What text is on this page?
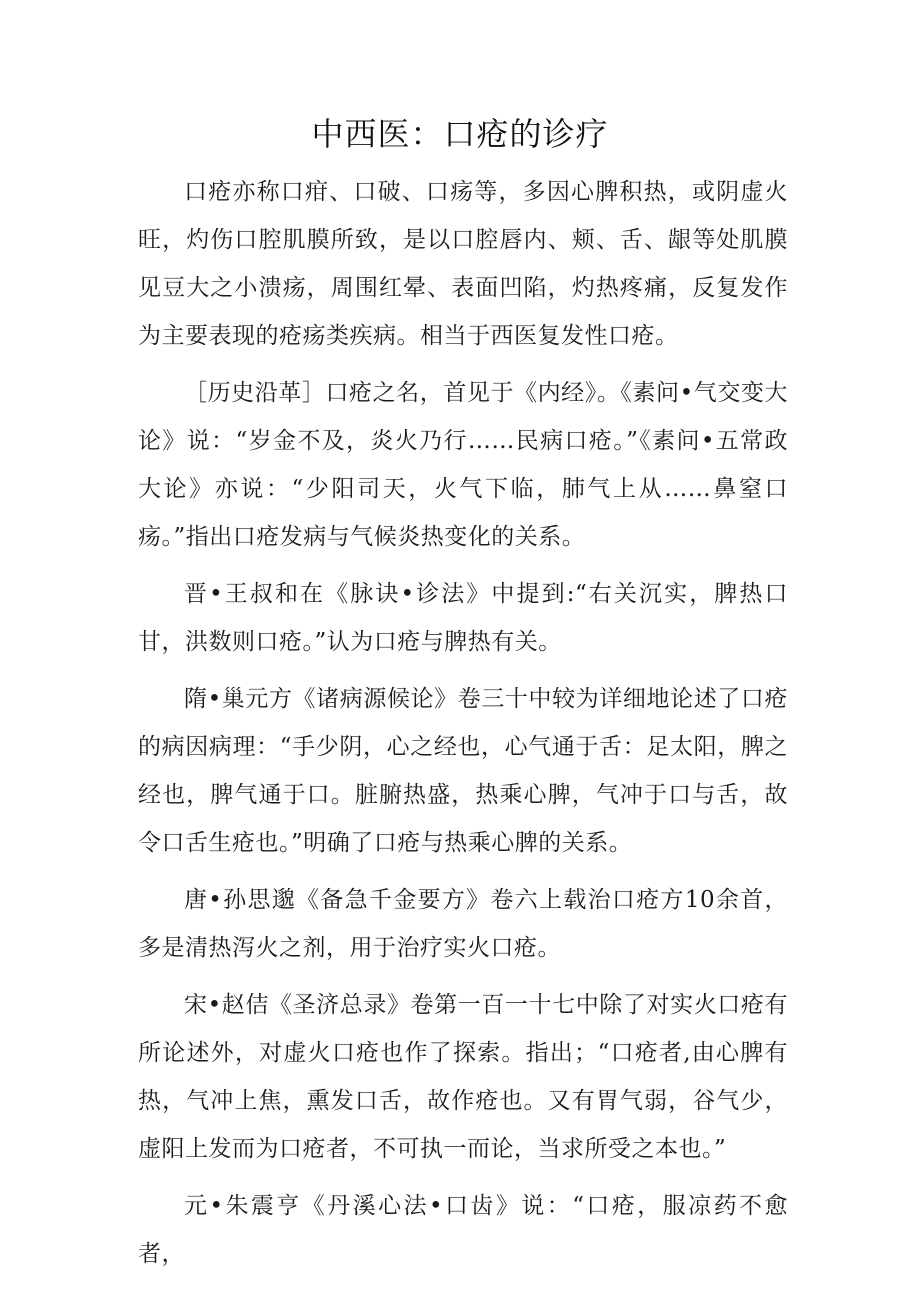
中西医：口疮的诊疗

口疮亦称口疳、口破、口疡等，多因心脾积热，或阴虚火旺，灼伤口腔肌膜所致，是以口腔唇内、颊、舌、龈等处肌膜见豆大之小溃疡，周围红晕、表面凹陷，灼热疼痛，反复发作为主要表现的疮疡类疾病。相当于西医复发性口疮。

［历史沿革］口疮之名，首见于《内经》。《素问•气交变大论》说：“岁金不及，炎火乃行……民病口疮。”《素问•五常政大论》亦说：“少阳司天，火气下临，肺气上从……鼻窒口疡。”指出口疮发病与气候炎热变化的关系。

晋•王叔和在《脉诀•诊法》中提到:“右关沉实，脾热口甘，洪数则口疮。”认为口疮与脾热有关。

隋•巢元方《诸病源候论》卷三十中较为详细地论述了口疮的病因病理：“手少阴，心之经也，心气通于舌：足太阳，脾之经也，脾气通于口。脏腑热盛，热乘心脾，气冲于口与舌，故令口舌生疮也。”明确了口疮与热乘心脾的关系。

唐•孙思邈《备急千金要方》卷六上载治口疮方10余首，多是清热泻火之剂，用于治疗实火口疮。

宋•赵佶《圣济总录》卷第一百一十七中除了对实火口疮有所论述外，对虚火口疮也作了探索。指出；“口疮者,由心脾有热，气冲上焦，熏发口舌，故作疮也。又有胃气弱，谷气少，虚阳上发而为口疮者，不可执一而论，当求所受之本也。”

元•朱震亨《丹溪心法•口齿》说：“口疮，服凉药不愈者，
